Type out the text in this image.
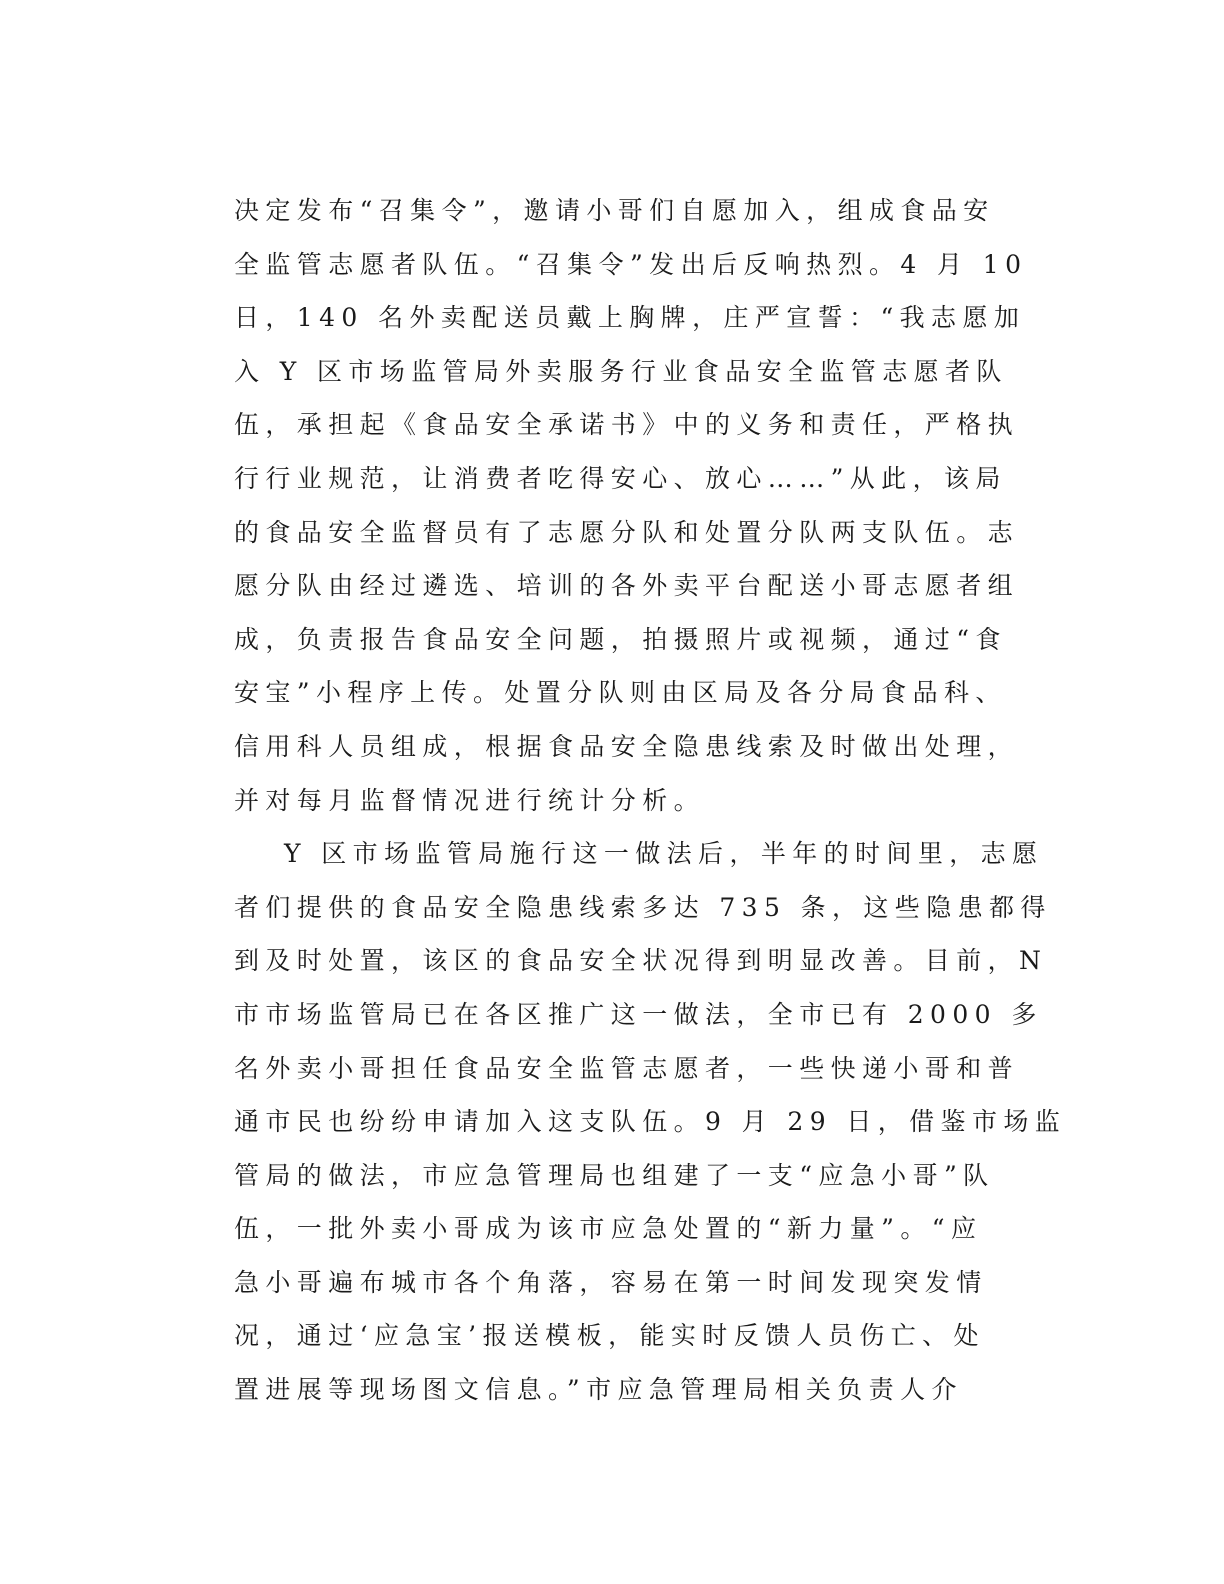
决定发布“召集令”，邀请小哥们自愿加入，组成食品安
全监管志愿者队伍。“召集令”发出后反响热烈。4 月 10
日，140 名外卖配送员戴上胸牌，庄严宣誓：“我志愿加
入 Y 区市场监管局外卖服务行业食品安全监管志愿者队
伍，承担起《食品安全承诺书》中的义务和责任，严格执
行行业规范，让消费者吃得安心、放心……”从此，该局
的食品安全监督员有了志愿分队和处置分队两支队伍。志
愿分队由经过遴选、培训的各外卖平台配送小哥志愿者组
成，负责报告食品安全问题，拍摄照片或视频，通过“食
安宝”小程序上传。处置分队则由区局及各分局食品科、
信用科人员组成，根据食品安全隐患线索及时做出处理，
并对每月监督情况进行统计分析。
Y 区市场监管局施行这一做法后，半年的时间里，志愿
者们提供的食品安全隐患线索多达 735 条，这些隐患都得
到及时处置，该区的食品安全状况得到明显改善。目前，N
市市场监管局已在各区推广这一做法，全市已有 2000 多
名外卖小哥担任食品安全监管志愿者，一些快递小哥和普
通市民也纷纷申请加入这支队伍。9 月 29 日，借鉴市场监
管局的做法，市应急管理局也组建了一支“应急小哥”队
伍，一批外卖小哥成为该市应急处置的“新力量”。“应
急小哥遍布城市各个角落，容易在第一时间发现突发情
况，通过‘应急宝’报送模板，能实时反馈人员伤亡、处
置进展等现场图文信息。”市应急管理局相关负责人介
